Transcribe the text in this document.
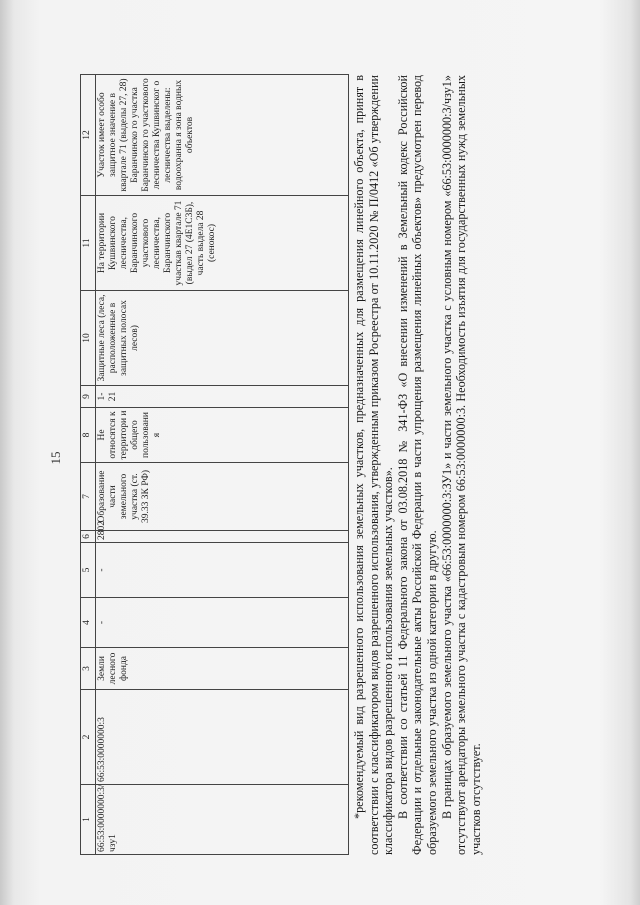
15
1	2	3	4	5	6	7	8	9	10	11	12
66:53:0000000:3/чзу1	66:53:0000000:3	Земли лесного фонда	-	-	2802	Образование части земельного участка (ст. 39.33 ЗК РФ)	Не относятся к территори и общего пользовани я	1-21	Защитные леса (леса, расположенные в защитных полосах лесов)	На территории Кушвинского лесничества, Баранчинского участкового лесничества, Баранчинского участкав квартале 71 (выдел 27 (4Е1С3Б), часть выдела 28 (сенокос)	Участок имеет особо защитное значение в квартале 71 (выделы 27, 28) Баранчинско го участка Баранчинско го участкового лесничества Кушвинског о лесничества выделены: водоохранна я зона водных объектов	*рекомендуемый вид разрешенного использования земельных участков, предназначенных для размещения линейного объекта, принят в соответствии с классификатором видов разрешенного использования, утвержденным приказом Росреестра от 10.11.2020 № П/0412 «Об утверждении классификатора видов разрешенного использования земельных участков». В соответствии со статьей 11 Федерального закона от 03.08.2018 № 341-ФЗ «О внесении изменений в Земельный кодекс Российской Федерации и отдельные законодательные акты Российской Федерации в части упрощения размещения линейных объектов» предусмотрен перевод образуемого земельного участка из одной категории в другую. В границах образуемого земельного участка «66:53:0000000:3:ЗУ1» и части земельного участка с условным номером «66:53:0000000:3/чзу1» отсутствуют арендаторы земельного участка с кадастровым номером 66:53:0000000:3. Необходимость изъятия для государственных нужд земельных участков отсутствует.
